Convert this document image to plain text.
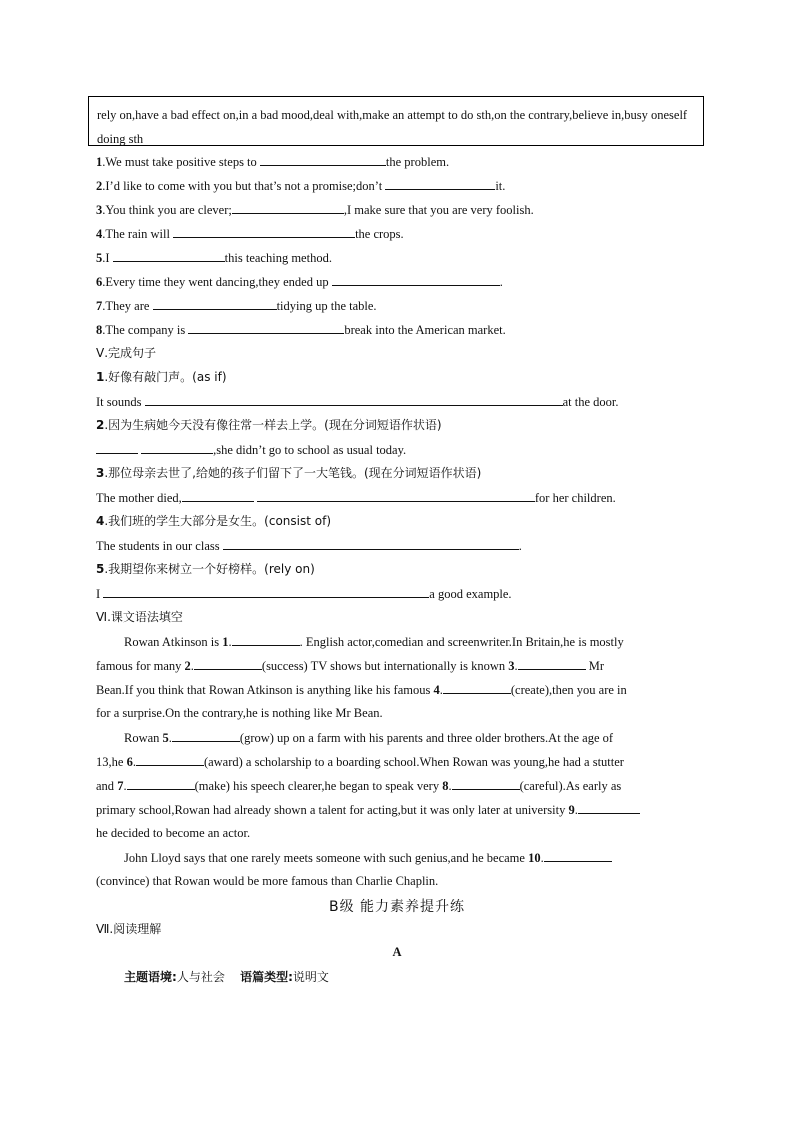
rely on,have a bad effect on,in a bad mood,deal with,make an attempt to do sth,on the contrary,believe in,busy oneself doing sth
1.We must take positive steps to	the problem.
2.I’d like to come with you but that’s not a promise;don’t	it.
3.You think you are clever;	,I make sure that you are very foolish.
4.The rain will	the crops.
5.I	this teaching method.
6.Every time they went dancing,they ended up	.
7.They are	tidying up the table.
8.The company is	break into the American market.
Ⅴ.完成句子
1.好像有敲门声。(as if)
It sounds	at the door.
2.因为生病她今天没有像往常一样去上学。(现在分词短语作状语)
,she didn’t go to school as usual today.
3.那位母亲去世了,给她的孩子们留下了一大笔钱。(现在分词短语作状语)
The mother died,	for her children.
4.我们班的学生大部分是女生。(consist of)
The students in our class	.
5.我期望你来树立一个好榜样。(rely on)
I	a good example.
Ⅵ.课文语法填空
Rowan Atkinson is 1.	. English actor,comedian and screenwriter.In Britain,he is mostly
famous for many 2.	(success) TV shows but internationally is known 3.	Mr
Bean.If you think that Rowan Atkinson is anything like his famous 4.	(create),then you are in
for a surprise.On the contrary,he is nothing like Mr Bean.
Rowan 5.	(grow) up on a farm with his parents and three older brothers.At the age of
13,he 6.	(award) a scholarship to a boarding school.When Rowan was young,he had a stutter
and 7.	(make) his speech clearer,he began to speak very 8.	(careful).As early as
primary school,Rowan had already shown a talent for acting,but it was only later at university 9.
he decided to become an actor.
John Lloyd says that one rarely meets someone with such genius,and he became 10.
(convince) that Rowan would be more famous than Charlie Chaplin.
B级 能力素养提升练
Ⅶ.阅读理解
A
主题语境:人与社会 语篇类型:说明文
